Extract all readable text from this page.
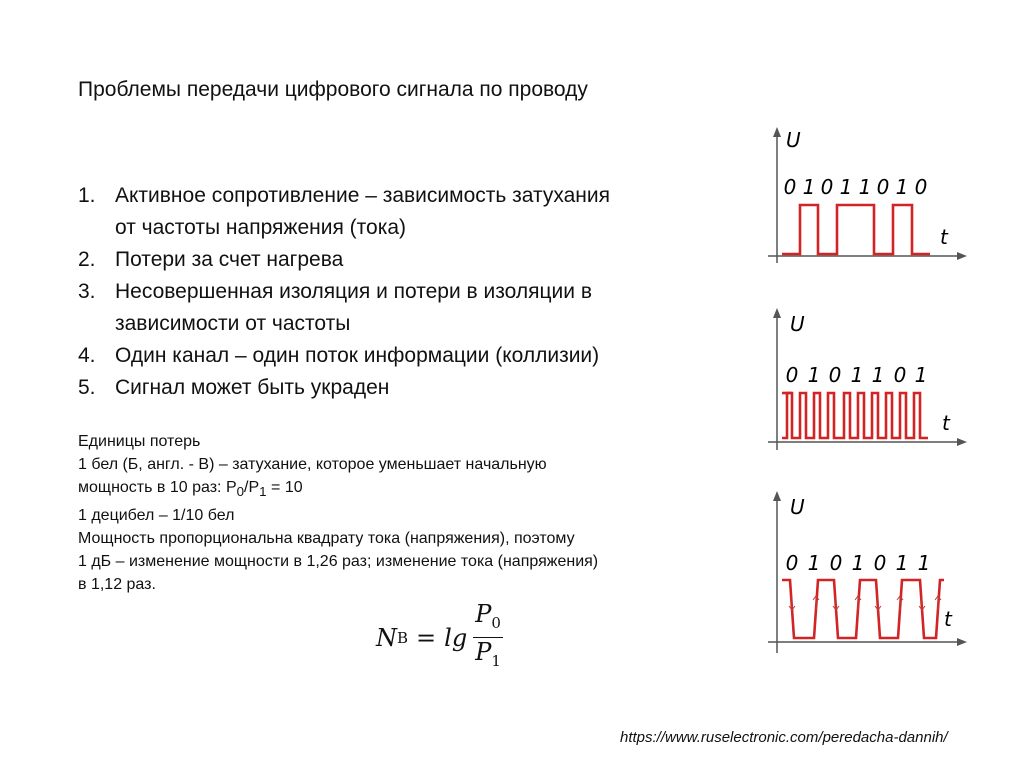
Проблемы передачи цифрового сигнала по проводу
1. Активное сопротивление – зависимость затухания
от частоты напряжения (тока)
2. Потери за счет нагрева
3. Несовершенная изоляция и потери в изоляции в
зависимости от частоты
4. Один канал – один поток информации (коллизии)
5. Сигнал может быть украден
Единицы потерь
1 бел (Б, англ. - B) – затухание, которое уменьшает начальную
мощность в 10 раз: $P_0/P_1 = 10$
1 децибел – 1/10 бел
Мощность пропорциональна квадрату тока (напряжения), поэтому
1 дБ – изменение мощности в 1,26 раз; изменение тока (напряжения)
в 1,12 раз.
N $B = \lg \frac{P_0}{P_1}$
U
t
0 1 0 1 1 0 1 0
U
t
0 1 0 1 1 0 1
U
t
0 1 0 1 0 1 1
https://www.ruselectronic.com/peredacha-dannih/
